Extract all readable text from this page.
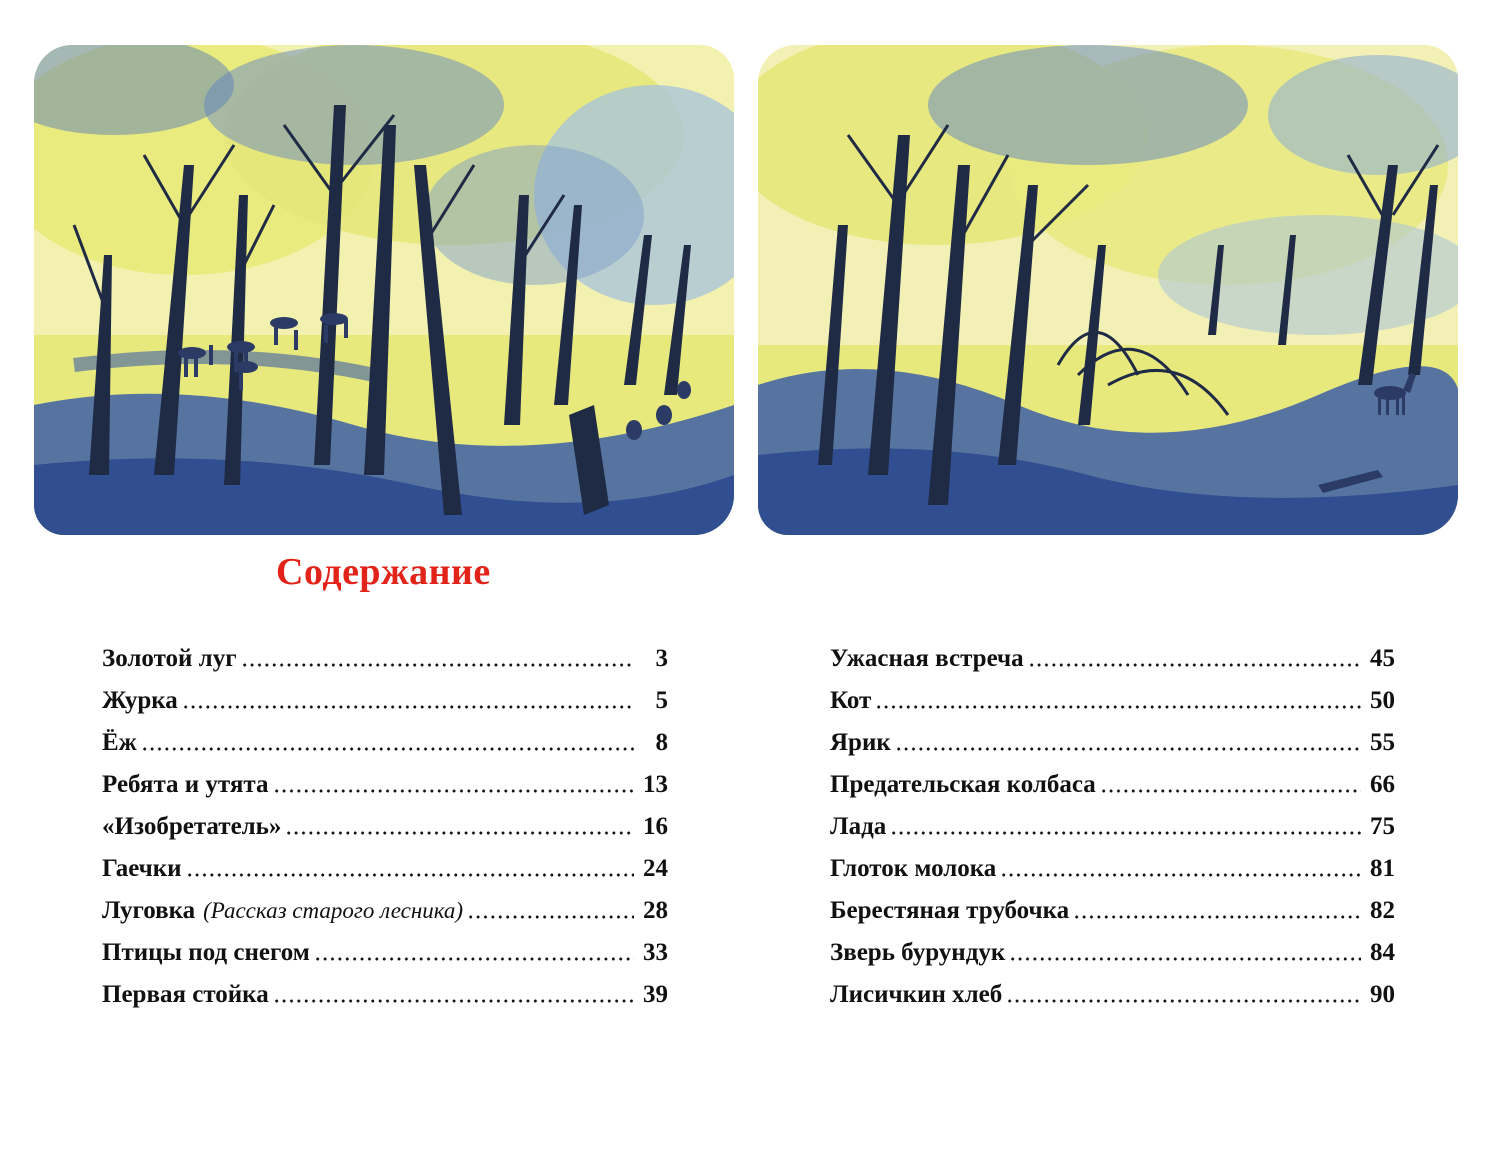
Содержание
Золотой луг	3
Журка	5
Ёж	8
Ребята и утята	13
«Изобретатель»	16
Гаечки	24
Луговка (Рассказ старого лесника)	28
Птицы под снегом	33
Первая стойка	39
Ужасная встреча	45
Кот	50
Ярик	55
Предательская колбаса	66
Лада	75
Глоток молока	81
Берестяная трубочка	82
Зверь бурундук	84
Лисичкин хлеб	90
